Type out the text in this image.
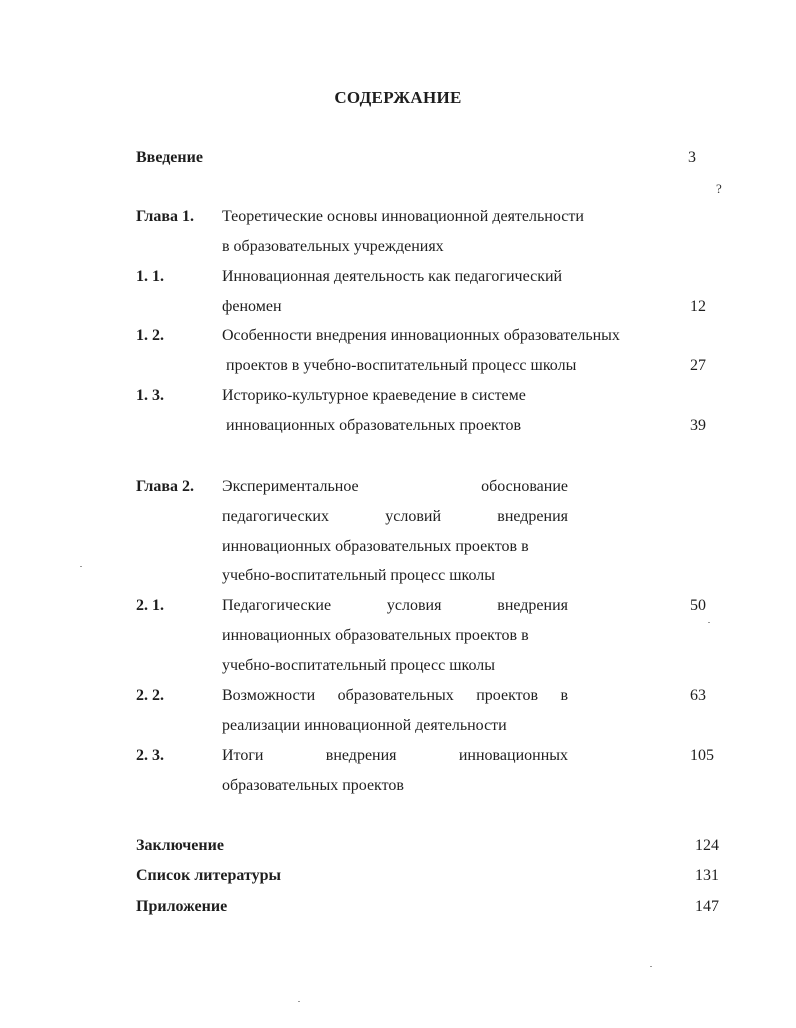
СОДЕРЖАНИЕ
Введение	3
?
Глава 1. Теоретические основы инновационной деятельности
в образовательных учреждениях
1. 1.	Инновационная деятельность как педагогический
феномен	12
1. 2.	Особенности внедрения инновационных образовательных
проектов в учебно-воспитательный процесс школы	27
1. 3.	Историко-культурное краеведение в системе
инновационных образовательных проектов	39
Глава 2. Экспериментальное обоснование
педагогических условий внедрения
инновационных образовательных проектов в
учебно-воспитательный процесс школы
2. 1.	Педагогические условия внедрения	50
инновационных образовательных проектов в
учебно-воспитательный процесс школы
2. 2.	Возможности образовательных проектов в	63
реализации инновационной деятельности
2. 3.	Итоги внедрения инновационных	105
образовательных проектов
Заключение	124
Список литературы	131
Приложение	147
